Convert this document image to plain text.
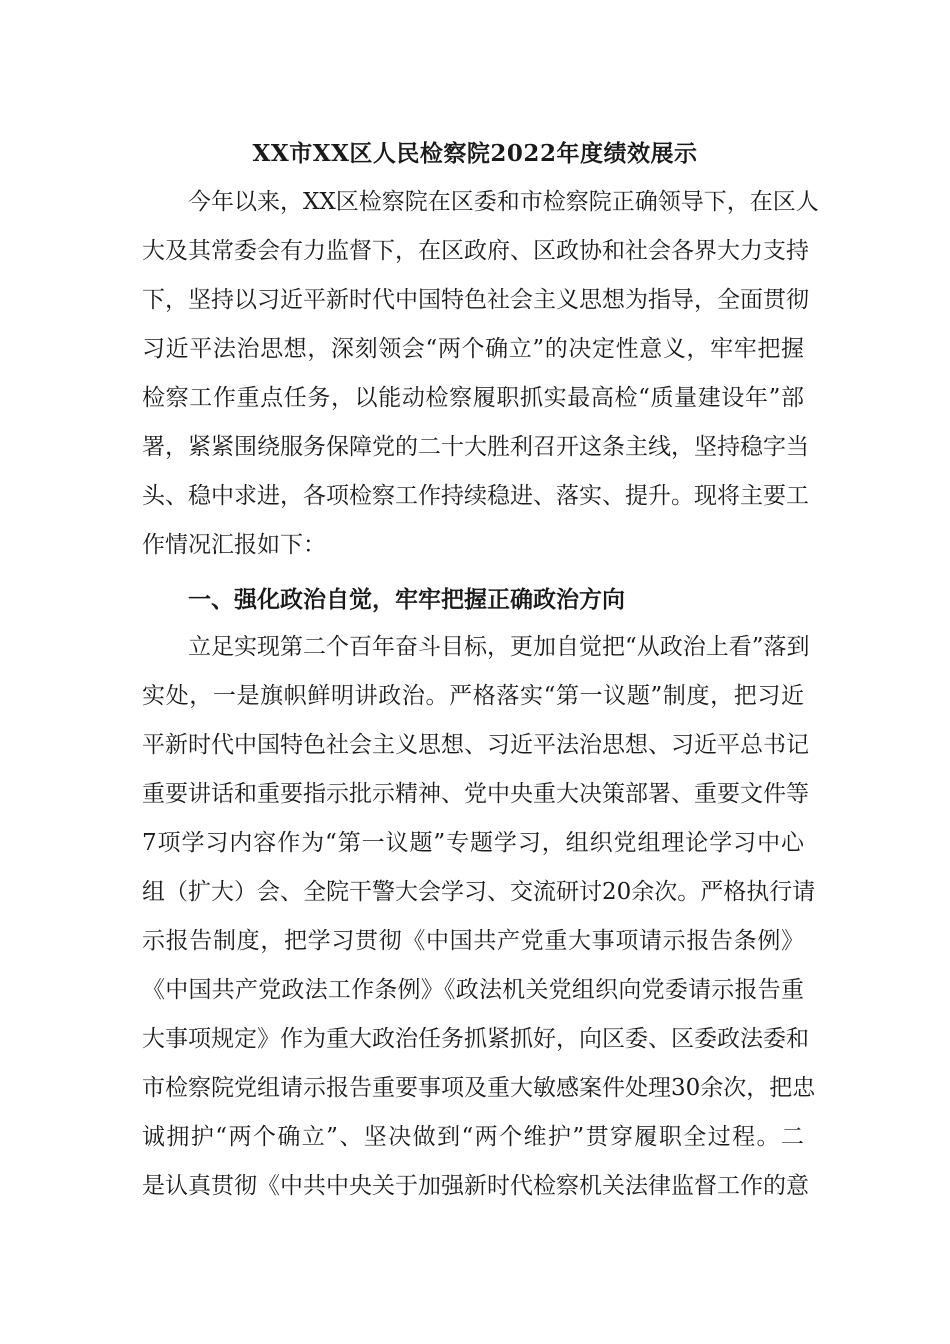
XX市XX区人民检察院2022年度绩效展示
今年以来，XX区检察院在区委和市检察院正确领导下，在区人
大及其常委会有力监督下，在区政府、区政协和社会各界大力支持
下，坚持以习近平新时代中国特色社会主义思想为指导，全面贯彻
习近平法治思想，深刻领会“两个确立”的决定性意义，牢牢把握
检察工作重点任务，以能动检察履职抓实最高检“质量建设年”部
署，紧紧围绕服务保障党的二十大胜利召开这条主线，坚持稳字当
头、稳中求进，各项检察工作持续稳进、落实、提升。现将主要工
作情况汇报如下：
一、强化政治自觉，牢牢把握正确政治方向
立足实现第二个百年奋斗目标，更加自觉把“从政治上看”落到
实处，一是旗帜鲜明讲政治。严格落实“第一议题”制度，把习近
平新时代中国特色社会主义思想、习近平法治思想、习近平总书记
重要讲话和重要指示批示精神、党中央重大决策部署、重要文件等
7项学习内容作为“第一议题”专题学习，组织党组理论学习中心
组（扩大）会、全院干警大会学习、交流研讨20余次。严格执行请
示报告制度，把学习贯彻《中国共产党重大事项请示报告条例》
《中国共产党政法工作条例》《政法机关党组织向党委请示报告重
大事项规定》作为重大政治任务抓紧抓好，向区委、区委政法委和
市检察院党组请示报告重要事项及重大敏感案件处理30余次，把忠
诚拥护“两个确立”、坚决做到“两个维护”贯穿履职全过程。二
是认真贯彻《中共中央关于加强新时代检察机关法律监督工作的意
